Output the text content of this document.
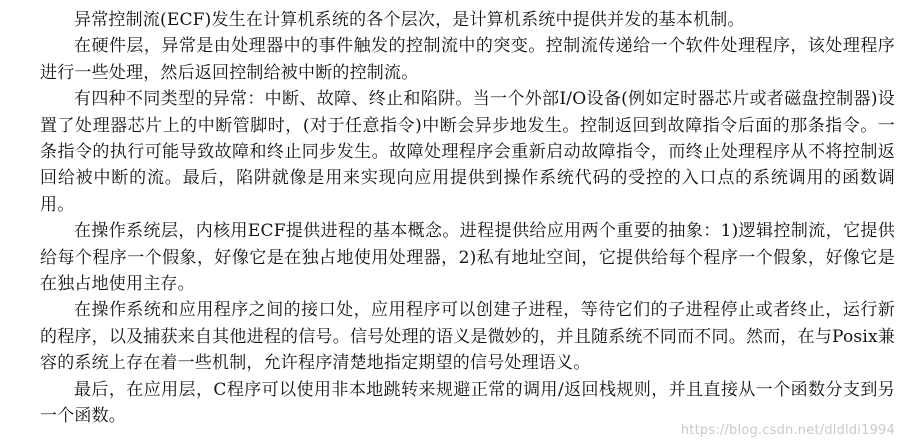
异常控制流(ECF)发生在计算机系统的各个层次，是计算机系统中提供并发的基本机制。

在硬件层，异常是由处理器中的事件触发的控制流中的突变。控制流传递给一个软件处理程序，该处理程序进行一些处理，然后返回控制给被中断的控制流。

有四种不同类型的异常：中断、故障、终止和陷阱。当一个外部I/O设备(例如定时器芯片或者磁盘控制器)设置了处理器芯片上的中断管脚时，(对于任意指令)中断会异步地发生。控制返回到故障指令后面的那条指令。一条指令的执行可能导致故障和终止同步发生。故障处理程序会重新启动故障指令，而终止处理程序从不将控制返回给被中断的流。最后，陷阱就像是用来实现向应用提供到操作系统代码的受控的入口点的系统调用的函数调用。

在操作系统层，内核用ECF提供进程的基本概念。进程提供给应用两个重要的抽象：1)逻辑控制流，它提供给每个程序一个假象，好像它是在独占地使用处理器，2)私有地址空间，它提供给每个程序一个假象，好像它是在独占地使用主存。

在操作系统和应用程序之间的接口处，应用程序可以创建子进程，等待它们的子进程停止或者终止，运行新的程序，以及捕获来自其他进程的信号。信号处理的语义是微妙的，并且随系统不同而不同。然而，在与Posix兼容的系统上存在着一些机制，允许程序清楚地指定期望的信号处理语义。

最后，在应用层，C程序可以使用非本地跳转来规避正常的调用/返回栈规则，并且直接从一个函数分支到另一个函数。

https://blog.csdn.net/dldldi1994
